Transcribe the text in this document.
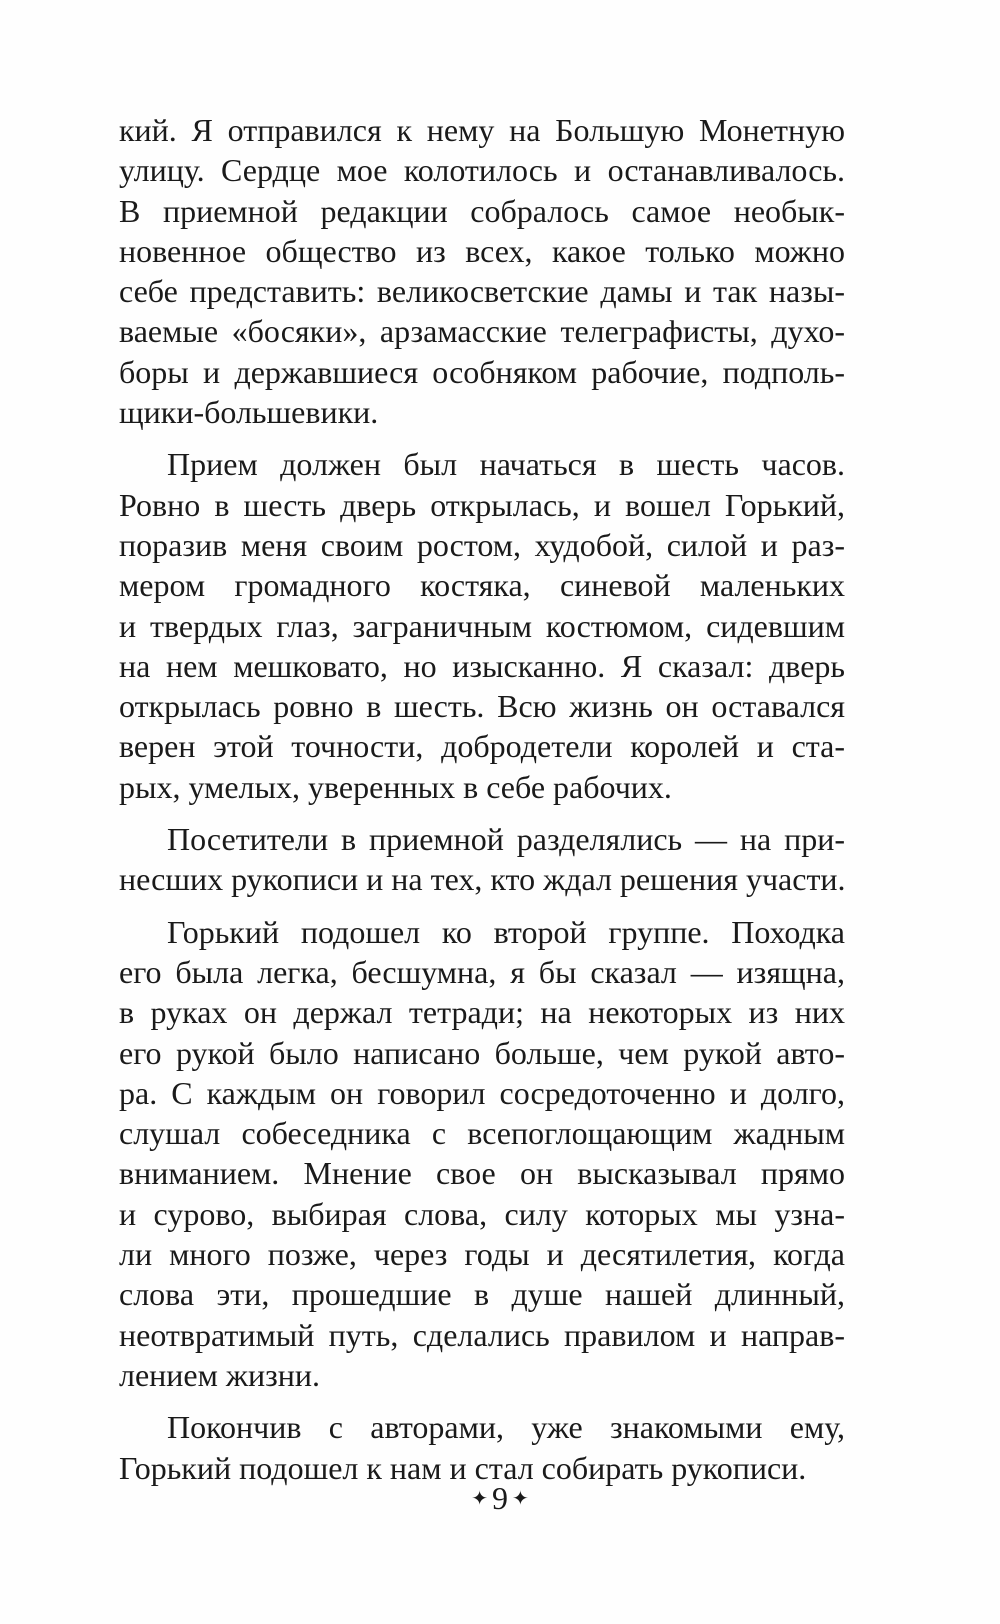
кий. Я отправился к нему на Большую Монетную
улицу. Сердце мое колотилось и останавливалось.
В приемной редакции собралось самое необык-
новенное общество из всех, какое только можно
себе представить: великосветские дамы и так назы-
ваемые «босяки», арзамасские телеграфисты, духо-
боры и державшиеся особняком рабочие, подполь-
щики-большевики.
Прием должен был начаться в шесть часов.
Ровно в шесть дверь открылась, и вошел Горький,
поразив меня своим ростом, худобой, силой и раз-
мером громадного костяка, синевой маленьких
и твердых глаз, заграничным костюмом, сидевшим
на нем мешковато, но изысканно. Я сказал: дверь
открылась ровно в шесть. Всю жизнь он оставался
верен этой точности, добродетели королей и ста-
рых, умелых, уверенных в себе рабочих.
Посетители в приемной разделялись — на при-
несших рукописи и на тех, кто ждал решения участи.
Горький подошел ко второй группе. Походка
его была легка, бесшумна, я бы сказал — изящна,
в руках он держал тетради; на некоторых из них
его рукой было написано больше, чем рукой авто-
ра. С каждым он говорил сосредоточенно и долго,
слушал собеседника с всепоглощающим жадным
вниманием. Мнение свое он высказывал прямо
и сурово, выбирая слова, силу которых мы узна-
ли много позже, через годы и десятилетия, когда
слова эти, прошедшие в душе нашей длинный,
неотвратимый путь, сделались правилом и направ-
лением жизни.
Покончив с авторами, уже знакомыми ему,
Горький подошел к нам и стал собирать рукописи.
✦ 9 ✦
